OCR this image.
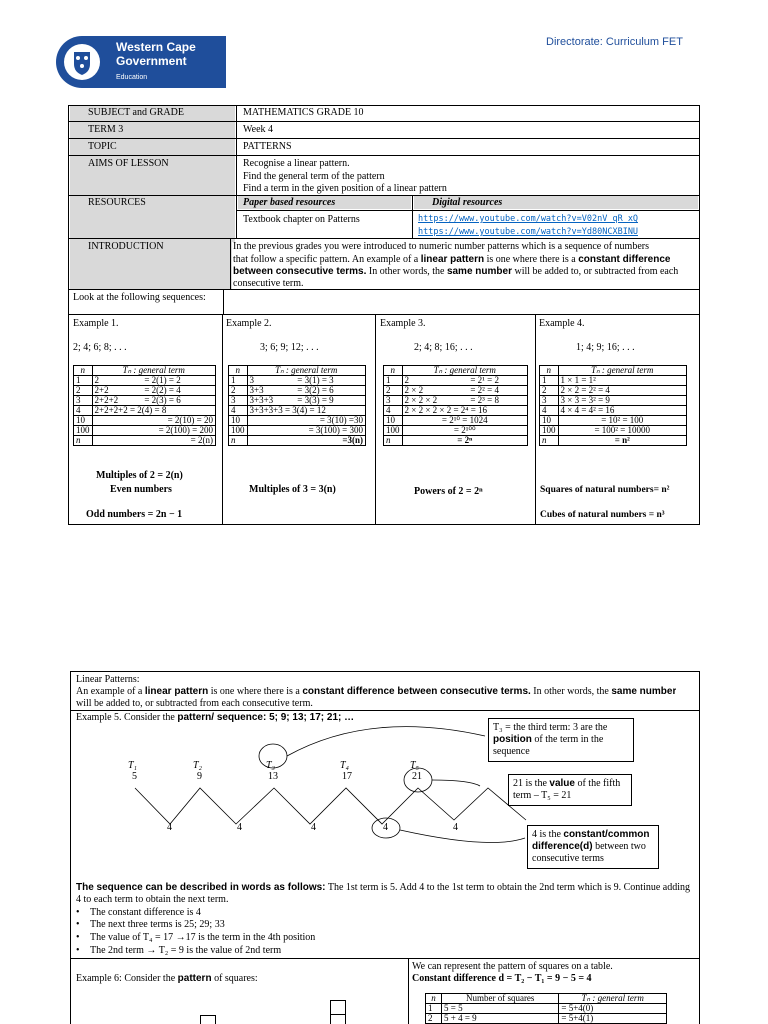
Western Cape
Government
Education
Directorate: Curriculum FET
SUBJECT and GRADE	MATHEMATICS GRADE 10
TERM 3	Week 4
TOPIC	PATTERNS
AIMS OF LESSON	Recognise a linear pattern.
Find the general term of the pattern
Find a term in the given position of a linear pattern
RESOURCES	Paper based resources	Digital resources
Textbook chapter on Patterns	https://www.youtube.com/watch?v=V02nV_qR_xQ
https://www.youtube.com/watch?v=Yd80NCXBINU
INTRODUCTION	In the previous grades you were introduced to numeric number patterns which is a sequence of numbers
that follow a specific pattern. An example of a linear pattern is one where there is a constant difference
between consecutive terms. In other words, the same number will be added to, or subtracted from each
consecutive term.
Look at the following sequences:
Example 1.
2; 4; 6; 8; . . .
n	Tₙ : general term	
1	2	= 2(1) = 2
2	2+2	= 2(2) = 4
3	2+2+2	= 2(3) = 6
4	2+2+2+2 = 2(4) = 8	
10	= 2(10) = 20	
100	= 2(100) = 200	
n	= 2(n)	
Multiples of 2 = 2(n)
Even numbers
Odd numbers = 2n − 1
Example 2.
3; 6; 9; 12; . . .
n	Tₙ : general term	
1	3	= 3(1) = 3
2	3+3	= 3(2) = 6
3	3+3+3	= 3(3) = 9
4	3+3+3+3 = 3(4) = 12	
10	= 3(10) =30	
100	= 3(100) = 300	
n	=3(n)	
Multiples of 3 = 3(n)
Example 3.
2; 4; 8; 16; . . .
n	Tₙ : general term	
1	2	= 2¹ = 2
2	2 × 2	= 2² = 4
3	2 × 2 × 2	= 2³ = 8
4	2 × 2 × 2 × 2 = 2⁴ = 16	
10	= 2¹⁰ = 1024	
100	= 2¹⁰⁰	
n	= 2ⁿ	
Powers of 2 = 2ⁿ
Example 4.
1; 4; 9; 16; . . .
n	Tₙ : general term
1	1 × 1 = 1²
2	2 × 2 = 2² = 4
3	3 × 3 = 3² = 9
4	4 × 4 = 4² = 16
10	= 10² = 100
100	= 100² = 10000
n	= n²
Squares of natural numbers= n²
Cubes of natural numbers = n³
Linear Patterns:
An example of a linear pattern is one where there is a constant difference between consecutive terms. In other words, the same number
will be added to, or subtracted from each consecutive term.
Example 5. Consider the pattern/ sequence: 5; 9; 13; 17; 21; …
T₁
5
T₂
9
T₃
13
T₄
17
T₅
21
4	4	4	4	4
T₃ = the third term: 3 are the position of the term in the sequence
21 is the value of the fifth term – T₅ = 21
4 is the constant/common difference(d) between two consecutive terms
The sequence can be described in words as follows: The 1st term is 5. Add 4 to the 1st term to obtain the 2nd term which is 9. Continue adding
4 to each term to obtain the next term.
• The constant difference is 4
• The next three terms is 25; 29; 33
• The value of T₄ = 17 →17 is the term in the 4th position
• The 2nd term → T₂ = 9 is the value of 2nd term
Example 6: Consider the pattern of squares:
We can represent the pattern of squares on a table.
Constant difference d = T₂ − T₁ = 9 − 5 = 4
n	Number of squares	Tₙ : general term
1	5 = 5	= 5+4(0)
2	5 + 4 = 9	= 5+4(1)
